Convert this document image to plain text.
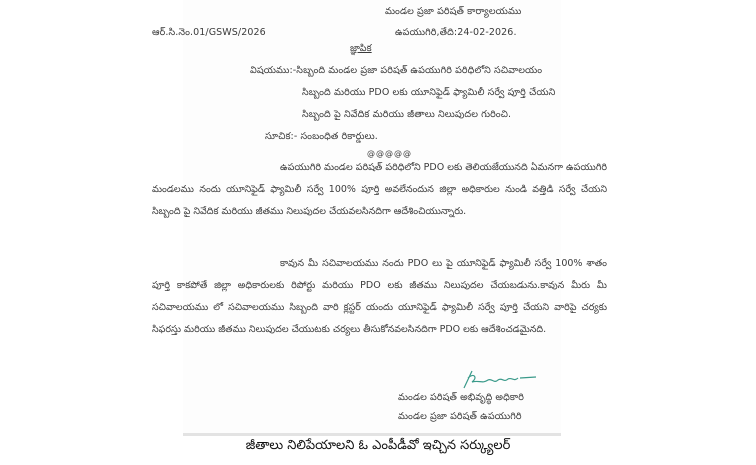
మండల ప్రజా పరిషత్ కార్యాలయము
ఆర్.సి.నెం.01/GSWS/2026	ఉపయుగిరి,తేది:24-02-2026.
జ్ఞాపిక
విషయము:-సిబ్బంది మండల ప్రజా పరిషత్ ఉపయుగిరి పరిధిలోని సచివాలయం
సిబ్బంది మరియు PDO లకు యూనిఫైడ్ ఫ్యామిలీ సర్వే పూర్తి చేయని
సిబ్బంది పై నివేదిక మరియు జీతాలు నిలుపుదల గురించి.
సూచిక:- సంబంధిత రికార్డులు.
@@@@@
ఉపయుగిరి మండల పరిషత్ పరిధిలోని PDO లకు తెలియజేయునది ఏమనగా ఉపయుగిరి మండలము నందు యూనిఫైడ్ ఫ్యామిలీ సర్వే 100% పూర్తి అవలేనందున జిల్లా అధికారుల నుండి వత్తిడి సర్వే చేయని సిబ్బంది పై నివేదిక మరియు జీతము నిలుపుదల చేయవలసినదిగా ఆదేశించియున్నారు.
కావున మీ సచివాలయము నందు PDO లు పై యూనిఫైడ్ ఫ్యామిలీ సర్వే 100% శాతం పూర్తి కాకపోతే జిల్లా అధికారులకు రిపోర్టు మరియు PDO లకు జీతము నిలుపుదల చేయబడును.కావున మీరు మీ సచివాలయము లో సచివాలయము సిబ్బంది వారి క్లస్టర్ యందు యూనిఫైడ్ ఫ్యామిలీ సర్వే పూర్తి చేయని వారిపై చర్యకు సిఫరస్తు మరియు జీతము నిలుపుదల చేయుటకు చర్యలు తీసుకోనవలసినదిగా PDO లకు ఆదేశించడమైనది.
మండల పరిషత్ అభివృద్ధి అధికారి
మండల ప్రజా పరిషత్ ఉపయుగిరి
జీతాలు నిలిపేయాలని ఓ ఎంపీడీవో ఇచ్చిన సర్క్యులర్
